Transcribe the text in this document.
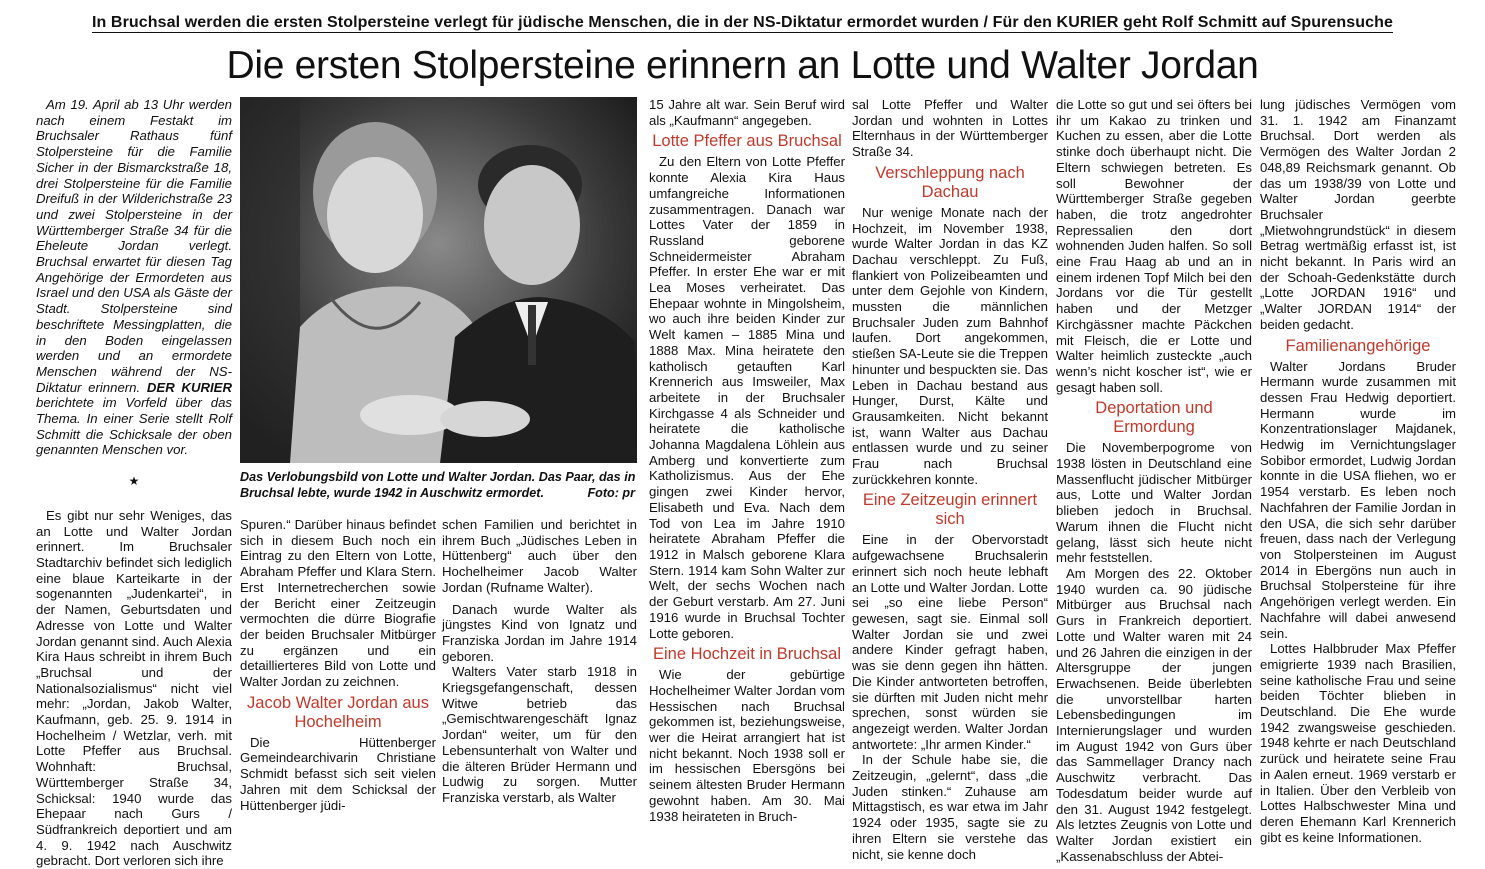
In Bruchsal werden die ersten Stolpersteine verlegt für jüdische Menschen, die in der NS-Diktatur ermordet wurden / Für den KURIER geht Rolf Schmitt auf Spurensuche
Die ersten Stolpersteine erinnern an Lotte und Walter Jordan

Am 19. April ab 13 Uhr werden nach einem Festakt im Bruchsaler Rathaus fünf Stolpersteine für die Familie Sicher in der Bismarckstraße 18, drei Stolpersteine für die Familie Dreifuß in der Wilderichstraße 23 und zwei Stolpersteine in der Württemberger Straße 34 für die Eheleute Jordan verlegt. Bruchsal erwartet für diesen Tag Angehörige der Ermordeten aus Israel und den USA als Gäste der Stadt. Stolpersteine sind beschriftete Messingplatten, die in den Boden eingelassen werden und an ermordete Menschen während der NS-Diktatur erinnern. DER KURIER berichtete im Vorfeld über das Thema. In einer Serie stellt Rolf Schmitt die Schicksale der oben genannten Menschen vor.

★

Es gibt nur sehr Weniges, das an Lotte und Walter Jordan erinnert. Im Bruchsaler Stadtarchiv befindet sich lediglich eine blaue Karteikarte in der sogenannten „Judenkartei“, in der Namen, Geburtsdaten und Adresse von Lotte und Walter Jordan genannt sind. Auch Alexia Kira Haus schreibt in ihrem Buch „Bruchsal und der Nationalsozialismus“ nicht viel mehr: „Jordan, Jakob Walter, Kaufmann, geb. 25. 9. 1914 in Hochelheim / Wetzlar, verh. mit Lotte Pfeffer aus Bruchsal. Wohnhaft: Bruchsal, Württemberger Straße 34, Schicksal: 1940 wurde das Ehepaar nach Gurs / Südfrankreich deportiert und am 4. 9. 1942 nach Auschwitz gebracht. Dort verloren sich ihre

Das Verlobungsbild von Lotte und Walter Jordan. Das Paar, das in Bruchsal lebte, wurde 1942 in Auschwitz ermordet.	Foto: pr

Spuren.“ Darüber hinaus befindet sich in diesem Buch noch ein Eintrag zu den Eltern von Lotte, Abraham Pfeffer und Klara Stern. Erst Internetrecherchen sowie der Bericht einer Zeitzeugin vermochten die dürre Biografie der beiden Bruchsaler Mitbürger zu ergänzen und ein detaillierteres Bild von Lotte und Walter Jordan zu zeichnen.

Jacob Walter Jordan aus Hochelheim

Die Hüttenberger Gemeindearchivarin Christiane Schmidt befasst sich seit vielen Jahren mit dem Schicksal der Hüttenberger jüdi-

schen Familien und berichtet in ihrem Buch „Jüdisches Leben in Hüttenberg“ auch über den Hochelheimer Jacob Walter Jordan (Rufname Walter).

Danach wurde Walter als jüngstes Kind von Ignatz und Franziska Jordan im Jahre 1914 geboren.

Walters Vater starb 1918 in Kriegsgefangenschaft, dessen Witwe betrieb das „Gemischtwarengeschäft Ignaz Jordan“ weiter, um für den Lebensunterhalt von Walter und die älteren Brüder Hermann und Ludwig zu sorgen. Mutter Franziska verstarb, als Walter

15 Jahre alt war. Sein Beruf wird als „Kaufmann“ angegeben.

Lotte Pfeffer aus Bruchsal

Zu den Eltern von Lotte Pfeffer konnte Alexia Kira Haus umfangreiche Informationen zusammentragen. Danach war Lottes Vater der 1859 in Russland geborene Schneidermeister Abraham Pfeffer. In erster Ehe war er mit Lea Moses verheiratet. Das Ehepaar wohnte in Mingolsheim, wo auch ihre beiden Kinder zur Welt kamen – 1885 Mina und 1888 Max. Mina heiratete den katholisch getauften Karl Krennerich aus Imsweiler, Max arbeitete in der Bruchsaler Kirchgasse 4 als Schneider und heiratete die katholische Johanna Magdalena Löhlein aus Amberg und konvertierte zum Katholizismus. Aus der Ehe gingen zwei Kinder hervor, Elisabeth und Eva. Nach dem Tod von Lea im Jahre 1910 heiratete Abraham Pfeffer die 1912 in Malsch geborene Klara Stern. 1914 kam Sohn Walter zur Welt, der sechs Wochen nach der Geburt verstarb. Am 27. Juni 1916 wurde in Bruchsal Tochter Lotte geboren.

Eine Hochzeit in Bruchsal

Wie der gebürtige Hochelheimer Walter Jordan vom Hessischen nach Bruchsal gekommen ist, beziehungsweise, wer die Heirat arrangiert hat ist nicht bekannt. Noch 1938 soll er im hessischen Ebersgöns bei seinem ältesten Bruder Hermann gewohnt haben. Am 30. Mai 1938 heirateten in Bruch-

sal Lotte Pfeffer und Walter Jordan und wohnten in Lottes Elternhaus in der Württemberger Straße 34.

Verschleppung nach Dachau

Nur wenige Monate nach der Hochzeit, im November 1938, wurde Walter Jordan in das KZ Dachau verschleppt. Zu Fuß, flankiert von Polizeibeamten und unter dem Gejohle von Kindern, mussten die männlichen Bruchsaler Juden zum Bahnhof laufen. Dort angekommen, stießen SA-Leute sie die Treppen hinunter und bespuckten sie. Das Leben in Dachau bestand aus Hunger, Durst, Kälte und Grausamkeiten. Nicht bekannt ist, wann Walter aus Dachau entlassen wurde und zu seiner Frau nach Bruchsal zurückkehren konnte.

Eine Zeitzeugin erinnert sich

Eine in der Obervorstadt aufgewachsene Bruchsalerin erinnert sich noch heute lebhaft an Lotte und Walter Jordan. Lotte sei „so eine liebe Person“ gewesen, sagt sie. Einmal soll Walter Jordan sie und zwei andere Kinder gefragt haben, was sie denn gegen ihn hätten. Die Kinder antworteten betroffen, sie dürften mit Juden nicht mehr sprechen, sonst würden sie angezeigt werden. Walter Jordan antwortete: „Ihr armen Kinder.“

In der Schule habe sie, die Zeitzeugin, „gelernt“, dass „die Juden stinken.“ Zuhause am Mittagstisch, es war etwa im Jahr 1924 oder 1935, sagte sie zu ihren Eltern sie verstehe das nicht, sie kenne doch

die Lotte so gut und sei öfters bei ihr um Kakao zu trinken und Kuchen zu essen, aber die Lotte stinke doch überhaupt nicht. Die Eltern schwiegen betreten. Es soll Bewohner der Württemberger Straße gegeben haben, die trotz angedrohter Repressalien den dort wohnenden Juden halfen. So soll eine Frau Haag ab und an in einem irdenen Topf Milch bei den Jordans vor die Tür gestellt haben und der Metzger Kirchgässner machte Päckchen mit Fleisch, die er Lotte und Walter heimlich zusteckte „auch wenn’s nicht koscher ist“, wie er gesagt haben soll.

Deportation und Ermordung

Die Novemberpogrome von 1938 lösten in Deutschland eine Massenflucht jüdischer Mitbürger aus, Lotte und Walter Jordan blieben jedoch in Bruchsal. Warum ihnen die Flucht nicht gelang, lässt sich heute nicht mehr feststellen.

Am Morgen des 22. Oktober 1940 wurden ca. 90 jüdische Mitbürger aus Bruchsal nach Gurs in Frankreich deportiert. Lotte und Walter waren mit 24 und 26 Jahren die einzigen in der Altersgruppe der jungen Erwachsenen. Beide überlebten die unvorstellbar harten Lebensbedingungen im Internierungslager und wurden im August 1942 von Gurs über das Sammellager Drancy nach Auschwitz verbracht. Das Todesdatum beider wurde auf den 31. August 1942 festgelegt. Als letztes Zeugnis von Lotte und Walter Jordan existiert ein „Kassenabschluss der Abtei-

lung jüdisches Vermögen vom 31. 1. 1942 am Finanzamt Bruchsal. Dort werden als Vermögen des Walter Jordan 2 048,89 Reichsmark genannt. Ob das um 1938/39 von Lotte und Walter Jordan geerbte Bruchsaler „Mietwohngrundstück“ in diesem Betrag wertmäßig erfasst ist, ist nicht bekannt. In Paris wird an der Schoah-Gedenkstätte durch „Lotte JORDAN 1916“ und „Walter JORDAN 1914“ der beiden gedacht.

Familienangehörige

Walter Jordans Bruder Hermann wurde zusammen mit dessen Frau Hedwig deportiert. Hermann wurde im Konzentrationslager Majdanek, Hedwig im Vernichtungslager Sobibor ermordet, Ludwig Jordan konnte in die USA fliehen, wo er 1954 verstarb. Es leben noch Nachfahren der Familie Jordan in den USA, die sich sehr darüber freuen, dass nach der Verlegung von Stolpersteinen im August 2014 in Ebergöns nun auch in Bruchsal Stolpersteine für ihre Angehörigen verlegt werden. Ein Nachfahre will dabei anwesend sein.

Lottes Halbbruder Max Pfeffer emigrierte 1939 nach Brasilien, seine katholische Frau und seine beiden Töchter blieben in Deutschland. Die Ehe wurde 1942 zwangsweise geschieden. 1948 kehrte er nach Deutschland zurück und heiratete seine Frau in Aalen erneut. 1969 verstarb er in Italien. Über den Verbleib von Lottes Halbschwester Mina und deren Ehemann Karl Krennerich gibt es keine Informationen.
